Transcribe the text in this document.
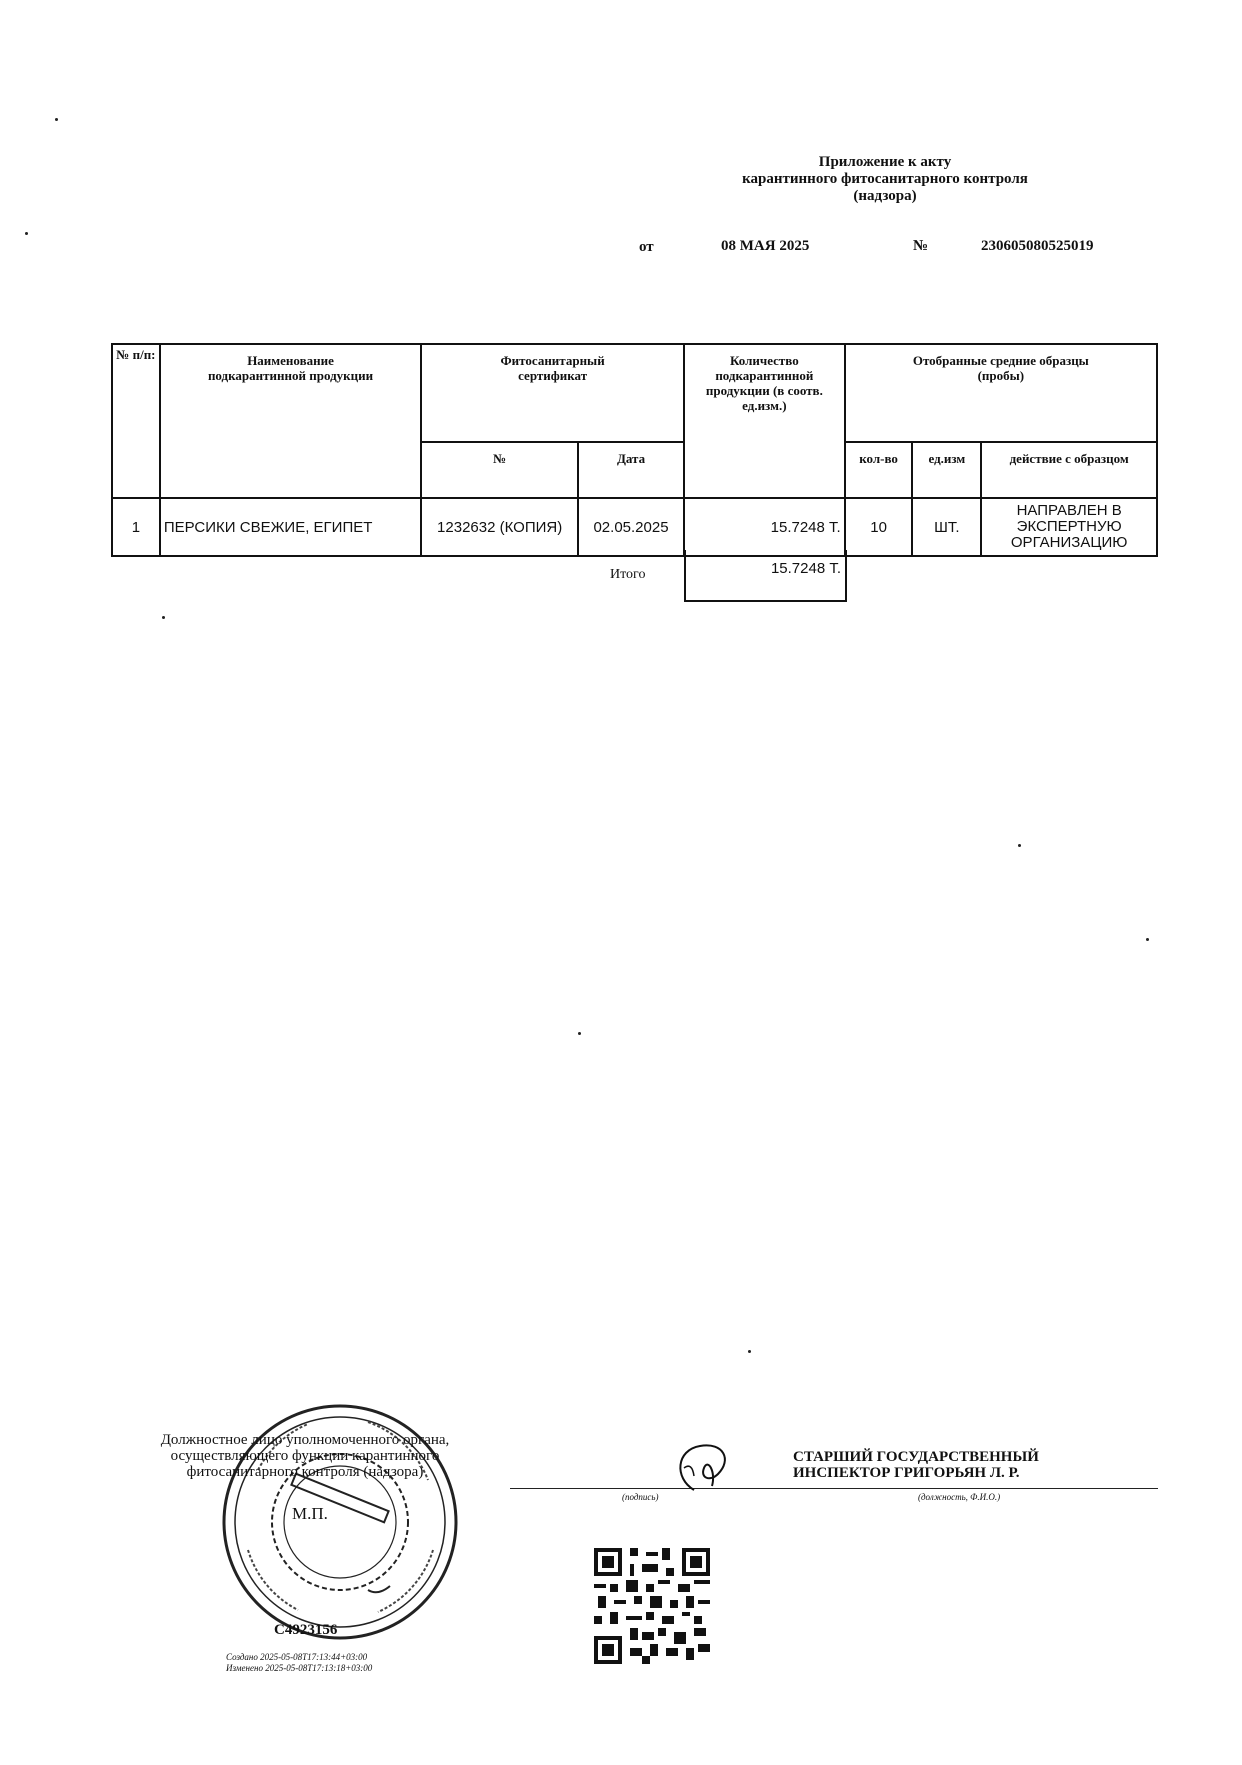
Приложение к акту
карантинного фитосанитарного контроля
(надзора)
от	08 МАЯ 2025	№	230605080525019
№ п/п:	Наименование подкарантинной продукции	Фитосанитарный сертификат		Количество подкарантинной продукции (в соотв. ед.изм.)	Отобранные средние образцы (пробы)		
		№	Дата		кол-во	ед.изм	действие с образцом
1	ПЕРСИКИ СВЕЖИЕ, ЕГИПЕТ	1232632 (КОПИЯ)	02.05.2025	15.7248 Т.	10	ШТ.	НАПРАВЛЕН В ЭКСПЕРТНУЮ ОРГАНИЗАЦИЮ
Итого	15.7248 Т.
Должностное лицо уполномоченного органа,
осуществляющего функции карантинного
фитосанитарного контроля (надзора)
М.П.
(подпись)	(должность, Ф.И.О.)
СТАРШИЙ ГОСУДАРСТВЕННЫЙ
ИНСПЕКТОР ГРИГОРЬЯН Л. Р.
С4923156
Создано 2025-05-08Т17:13:44+03:00
Изменено 2025-05-08Т17:13:18+03:00
